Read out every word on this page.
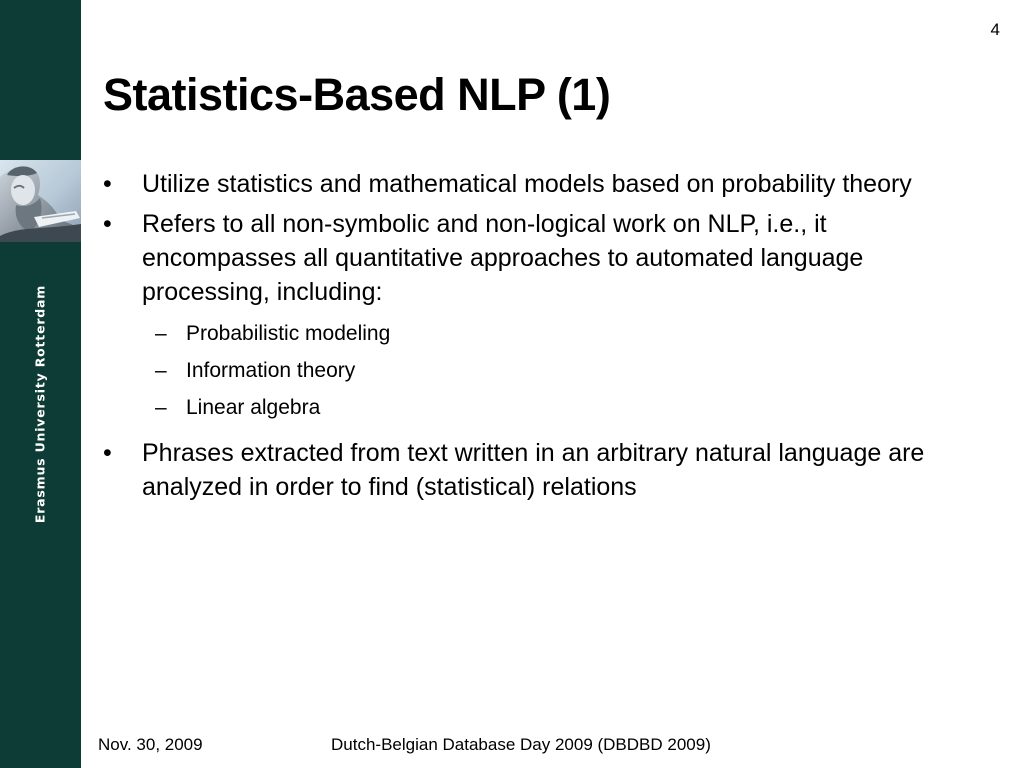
Erasmus University Rotterdam
4
Statistics-Based NLP (1)
•	Utilize statistics and mathematical models based on probability theory
•	Refers to all non-symbolic and non-logical work on NLP, i.e., it encompasses all quantitative approaches to automated language processing, including:
– Probabilistic modeling
– Information theory
– Linear algebra
•	Phrases extracted from text written in an arbitrary natural language are analyzed in order to find (statistical) relations
Nov. 30, 2009	Dutch-Belgian Database Day 2009 (DBDBD 2009)
